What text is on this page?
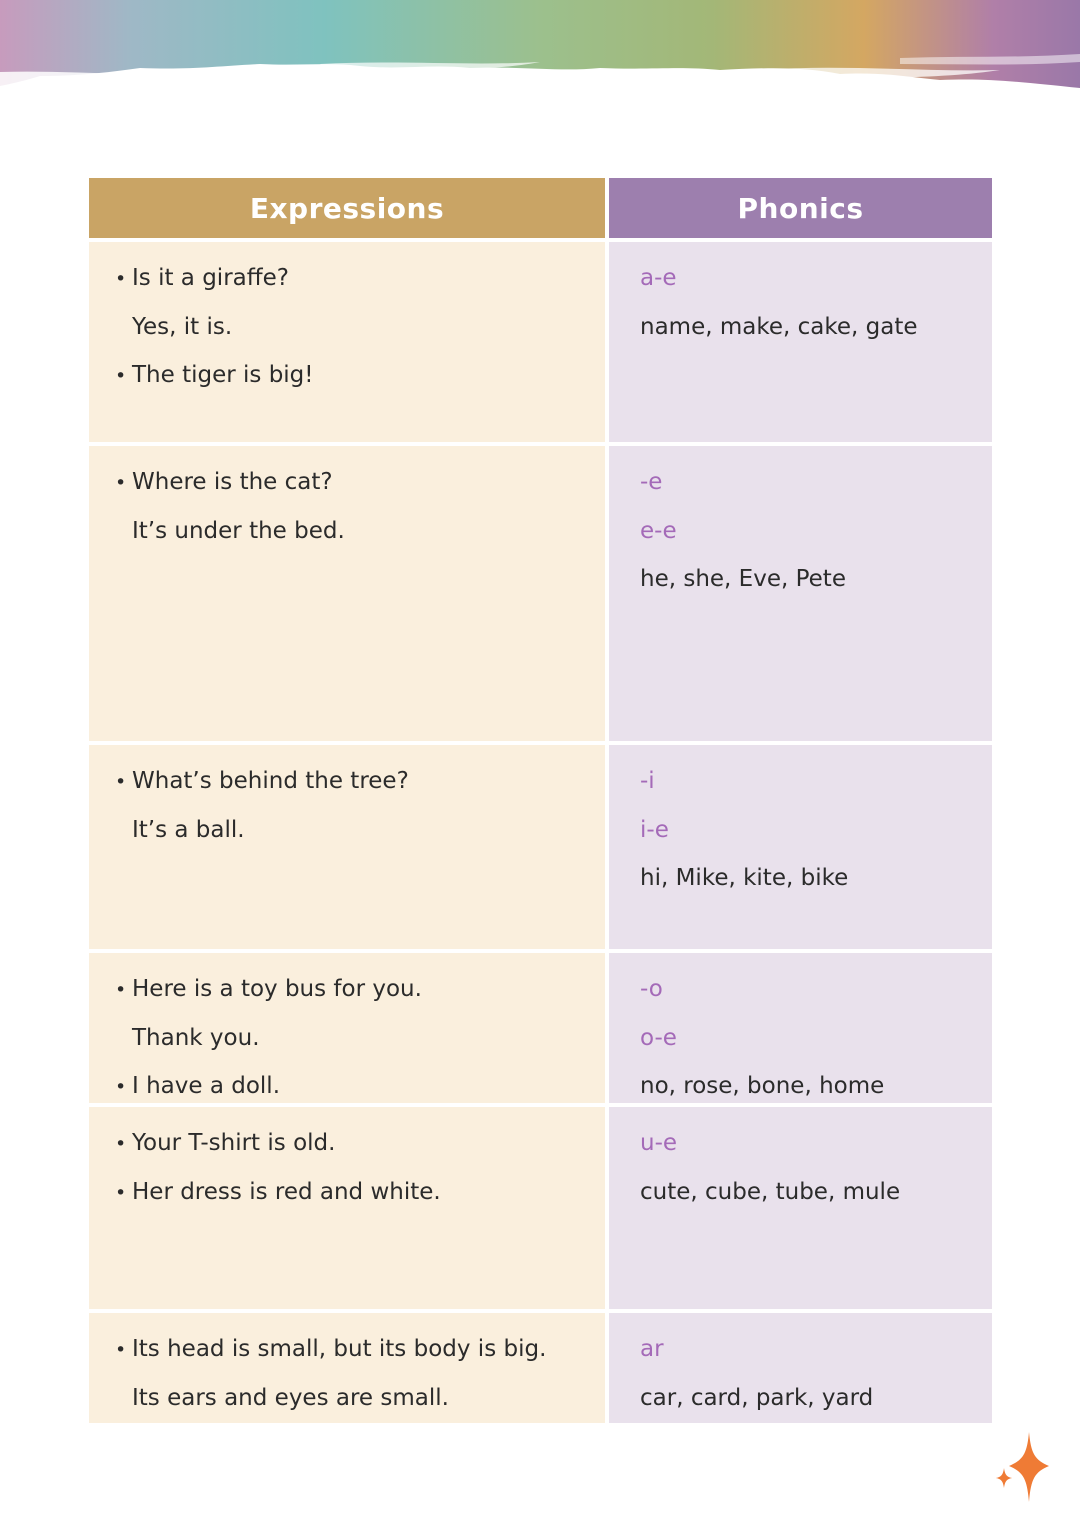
Expressions	Phonics
• Is it a giraffe?
Yes, it is.
• The tiger is big!
a-e
name, make, cake, gate
• Where is the cat?
It’s under the bed.
-e
e-e
he, she, Eve, Pete
• What’s behind the tree?
It’s a ball.
-i
i-e
hi, Mike, kite, bike
• Here is a toy bus for you.
Thank you.
• I have a doll.
-o
o-e
no, rose, bone, home
• Your T-shirt is old.
• Her dress is red and white.
u-e
cute, cube, tube, mule
• Its head is small, but its body is big.
Its ears and eyes are small.
ar
car, card, park, yard
